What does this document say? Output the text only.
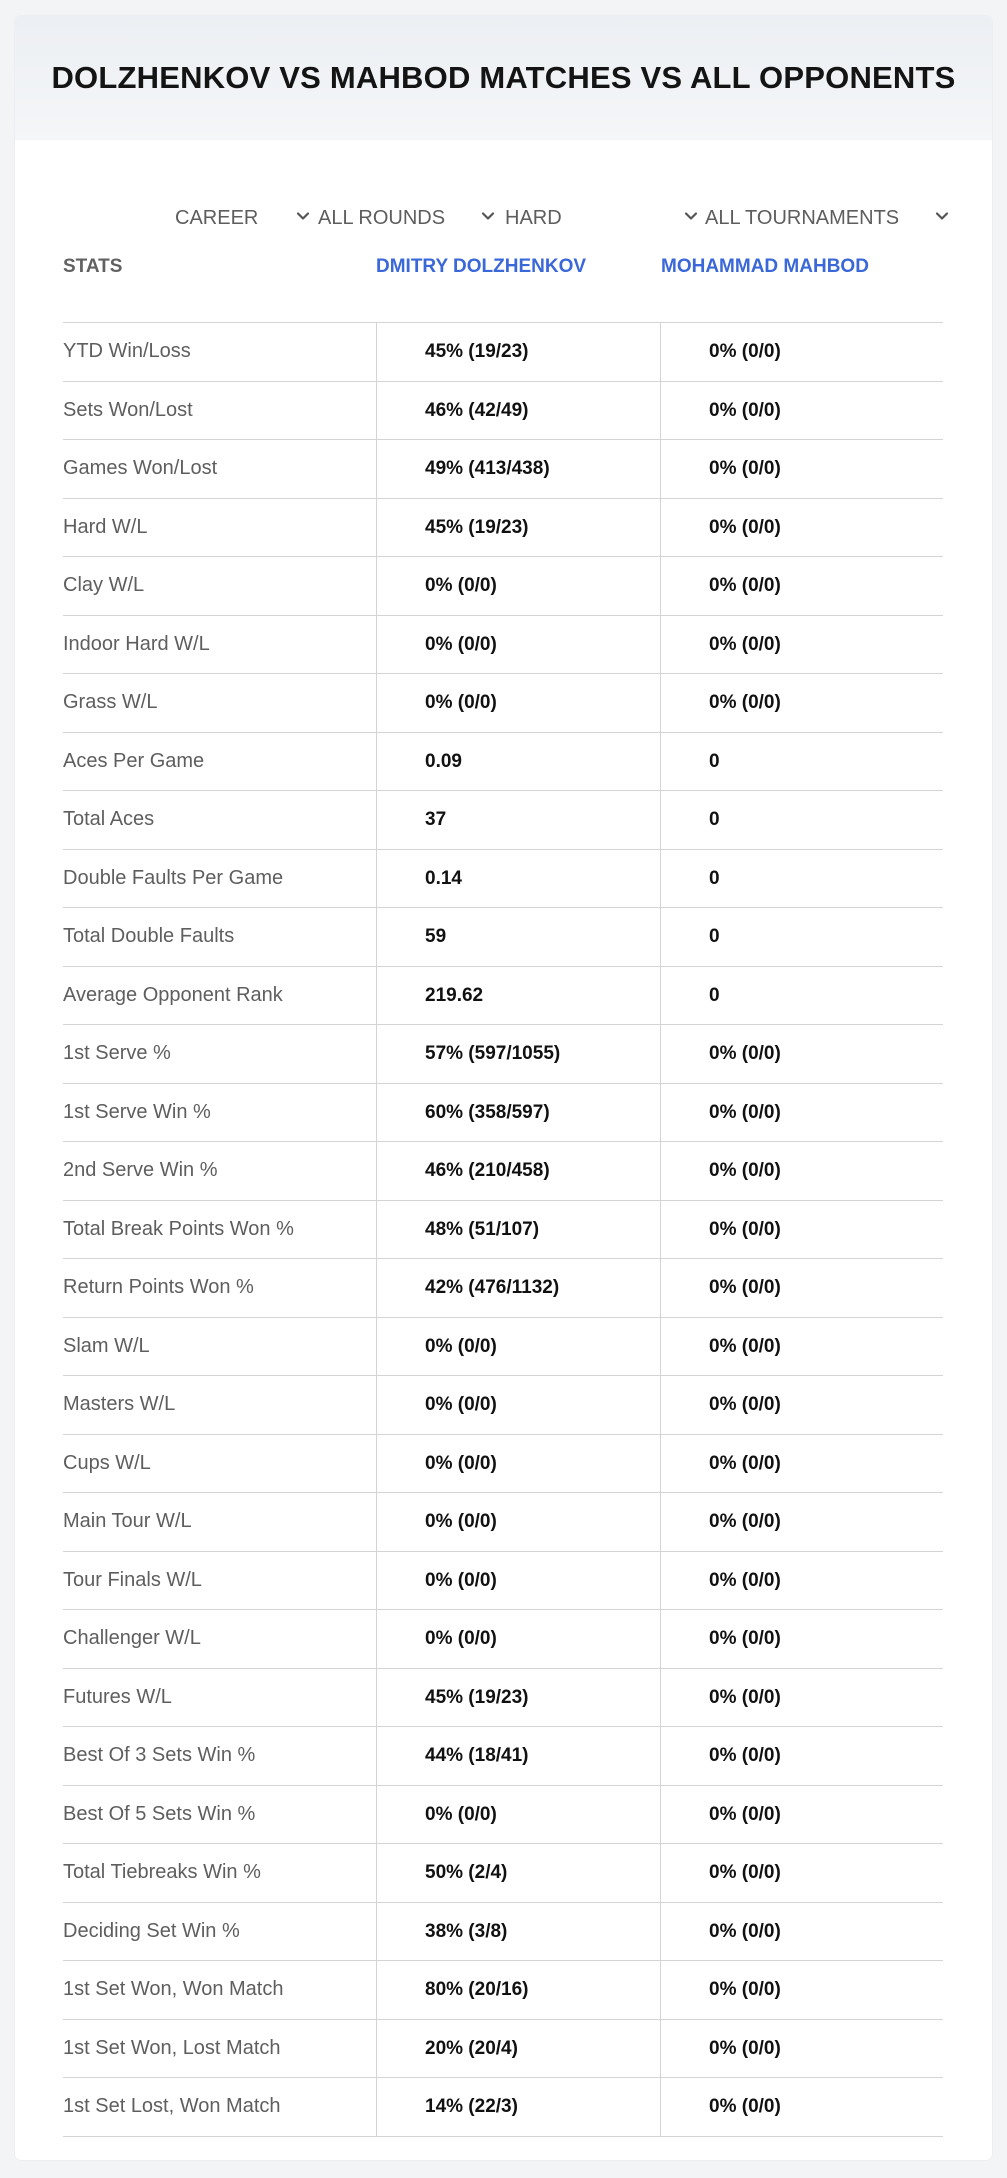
DOLZHENKOV VS MAHBOD MATCHES VS ALL OPPONENTS
CAREER	ALL ROUNDS	HARD	ALL TOURNAMENTS
STATS	DMITRY DOLZHENKOV	MOHAMMAD MAHBOD
YTD Win/Loss	45% (19/23)	0% (0/0)
Sets Won/Lost	46% (42/49)	0% (0/0)
Games Won/Lost	49% (413/438)	0% (0/0)
Hard W/L	45% (19/23)	0% (0/0)
Clay W/L	0% (0/0)	0% (0/0)
Indoor Hard W/L	0% (0/0)	0% (0/0)
Grass W/L	0% (0/0)	0% (0/0)
Aces Per Game	0.09	0
Total Aces	37	0
Double Faults Per Game	0.14	0
Total Double Faults	59	0
Average Opponent Rank	219.62	0
1st Serve %	57% (597/1055)	0% (0/0)
1st Serve Win %	60% (358/597)	0% (0/0)
2nd Serve Win %	46% (210/458)	0% (0/0)
Total Break Points Won %	48% (51/107)	0% (0/0)
Return Points Won %	42% (476/1132)	0% (0/0)
Slam W/L	0% (0/0)	0% (0/0)
Masters W/L	0% (0/0)	0% (0/0)
Cups W/L	0% (0/0)	0% (0/0)
Main Tour W/L	0% (0/0)	0% (0/0)
Tour Finals W/L	0% (0/0)	0% (0/0)
Challenger W/L	0% (0/0)	0% (0/0)
Futures W/L	45% (19/23)	0% (0/0)
Best Of 3 Sets Win %	44% (18/41)	0% (0/0)
Best Of 5 Sets Win %	0% (0/0)	0% (0/0)
Total Tiebreaks Win %	50% (2/4)	0% (0/0)
Deciding Set Win %	38% (3/8)	0% (0/0)
1st Set Won, Won Match	80% (20/16)	0% (0/0)
1st Set Won, Lost Match	20% (20/4)	0% (0/0)
1st Set Lost, Won Match	14% (22/3)	0% (0/0)
